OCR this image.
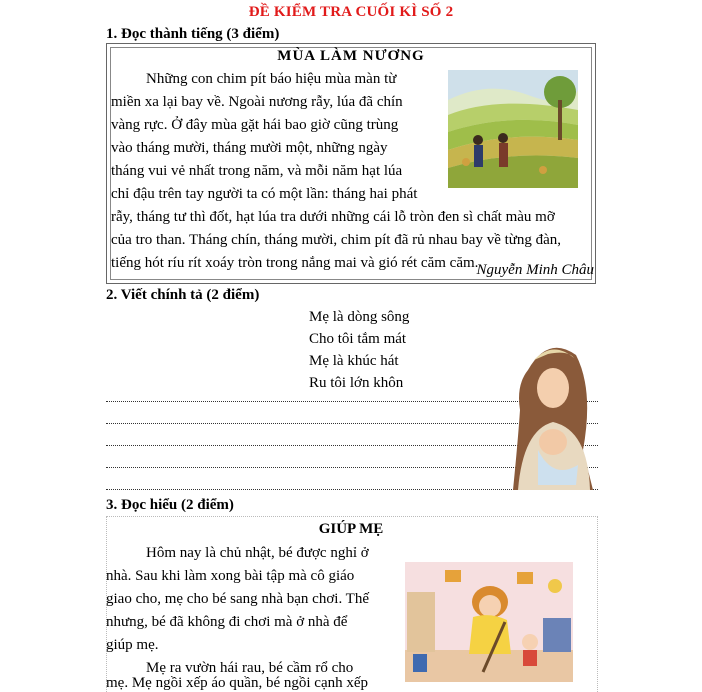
ĐỀ KIỂM TRA CUỐI KÌ SỐ 2
1. Đọc thành tiếng (3 điểm)
MÙA LÀM NƯƠNG
Những con chim pít báo hiệu mùa màn từ
miền xa lại bay về. Ngoài nương rẫy, lúa đã chín
vàng rực. Ở đây mùa gặt hái bao giờ cũng trùng
vào tháng mười, tháng mười một, những ngày
tháng vui vẻ nhất trong năm, và mỗi năm hạt lúa
chỉ đậu trên tay người ta có một lần: tháng hai phát
rẫy, tháng tư thì đốt, hạt lúa tra dưới những cái lỗ tròn đen sì chất màu mỡ
của tro than. Tháng chín, tháng mười, chim pít đã rủ nhau bay về từng đàn,
tiếng hót ríu rít xoáy tròn trong nắng mai và gió rét căm căm.
Nguyễn Minh Châu
2. Viết chính tả (2 điểm)
Mẹ là dòng sông
Cho tôi tắm mát
Mẹ là khúc hát
Ru tôi lớn khôn
3. Đọc hiểu (2 điểm)
GIÚP MẸ
Hôm nay là chủ nhật, bé được nghỉ ở
nhà. Sau khi làm xong bài tập mà cô giáo
giao cho, mẹ cho bé sang nhà bạn chơi. Thế
nhưng, bé đã không đi chơi mà ở nhà để
giúp mẹ.
Mẹ ra vườn hái rau, bé cầm rổ cho
mẹ. Mẹ ngồi xếp áo quần, bé ngồi cạnh xếp
